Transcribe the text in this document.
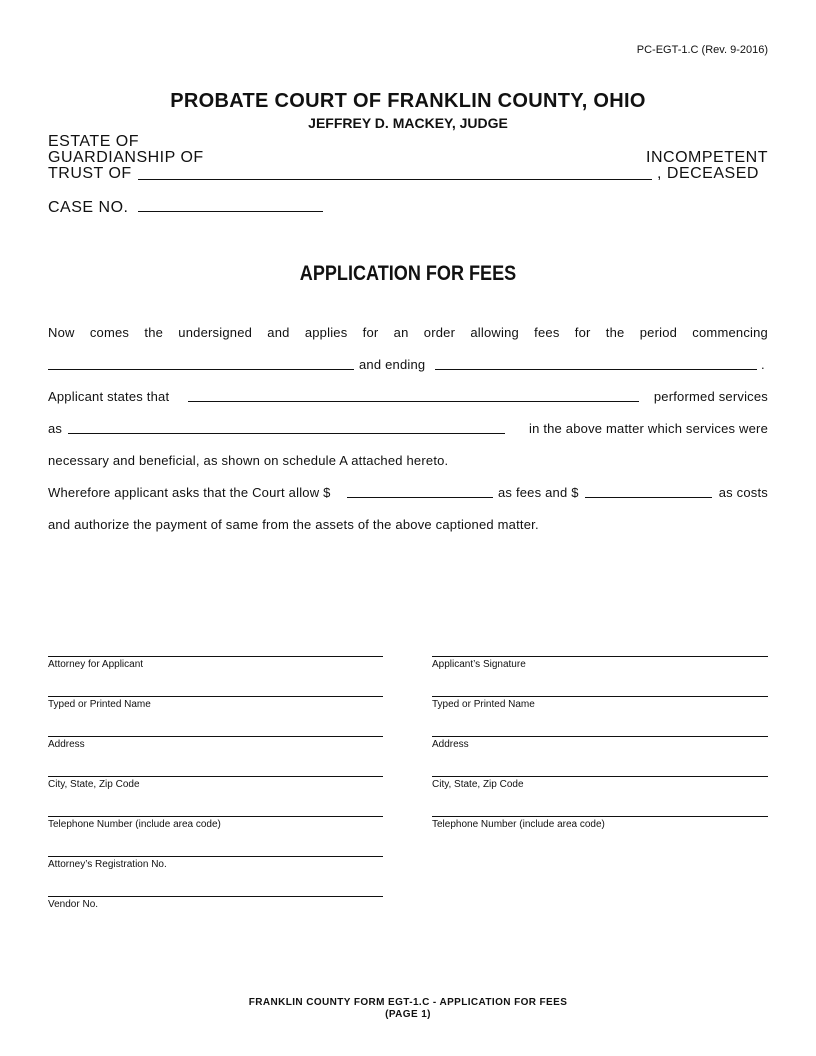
PC-EGT-1.C (Rev. 9-2016)
PROBATE COURT OF FRANKLIN COUNTY, OHIO
JEFFREY D. MACKEY, JUDGE
ESTATE OF
GUARDIANSHIP OF	INCOMPETENT
TRUST OF	, DECEASED
CASE NO.
APPLICATION FOR FEES
Now comes the undersigned and applies for an order allowing fees for the period commencing
and ending	.
Applicant states that	performed services
as	in the above matter which services were
necessary and beneficial, as shown on schedule A attached hereto.
Wherefore applicant asks that the Court allow $	as fees and $	as costs
and authorize the payment of same from the assets of the above captioned matter.
Attorney for Applicant
Typed or Printed Name
Address
City, State, Zip Code
Telephone Number (include area code)
Attorney’s Registration No.
Vendor No.
Applicant’s Signature
Typed or Printed Name
Address
City, State, Zip Code
Telephone Number (include area code)
FRANKLIN COUNTY FORM EGT-1.C - APPLICATION FOR FEES
(PAGE 1)
